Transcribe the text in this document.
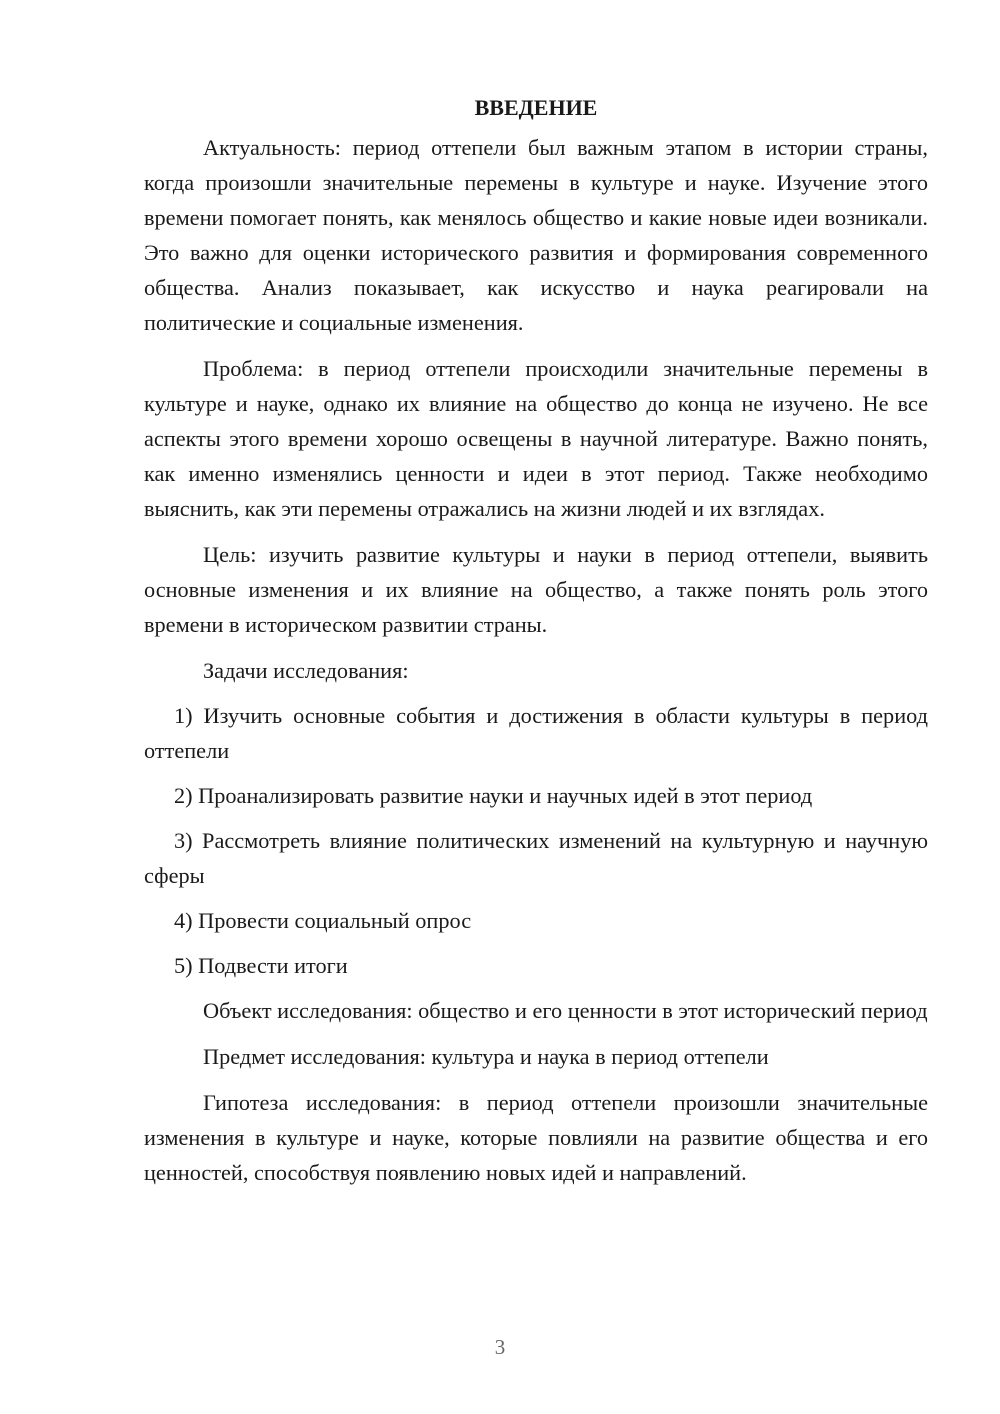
ВВЕДЕНИЕ

Актуальность: период оттепели был важным этапом в истории страны, когда произошли значительные перемены в культуре и науке. Изучение этого времени помогает понять, как менялось общество и какие новые идеи возникали. Это важно для оценки исторического развития и формирования современного общества. Анализ показывает, как искусство и наука реагировали на политические и социальные изменения.

Проблема: в период оттепели происходили значительные перемены в культуре и науке, однако их влияние на общество до конца не изучено. Не все аспекты этого времени хорошо освещены в научной литературе. Важно понять, как именно изменялись ценности и идеи в этот период. Также необходимо выяснить, как эти перемены отражались на жизни людей и их взглядах.

Цель: изучить развитие культуры и науки в период оттепели, выявить основные изменения и их влияние на общество, а также понять роль этого времени в историческом развитии страны.

Задачи исследования:

1) Изучить основные события и достижения в области культуры в период оттепели

2) Проанализировать развитие науки и научных идей в этот период

3) Рассмотреть влияние политических изменений на культурную и научную сферы

4) Провести социальный опрос

5) Подвести итоги

Объект исследования: общество и его ценности в этот исторический период

Предмет исследования: культура и наука в период оттепели

Гипотеза исследования: в период оттепели произошли значительные изменения в культуре и науке, которые повлияли на развитие общества и его ценностей, способствуя появлению новых идей и направлений.

3
